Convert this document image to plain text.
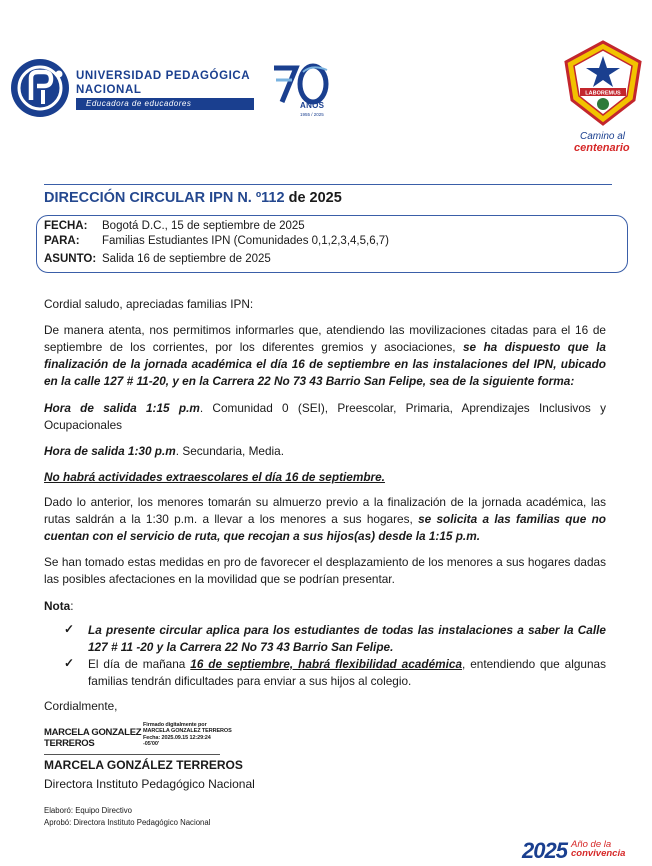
UNIVERSIDAD PEDAGÓGICA
NACIONAL
Educadora de educadores	AÑOS
1955 / 2025
LABOREMUS
Camino al
centenario
DIRECCIÓN CIRCULAR IPN N. º112 de 2025
FECHA: Bogotá D.C., 15 de septiembre de 2025
PARA: Familias Estudiantes IPN (Comunidades 0,1,2,3,4,5,6,7)
ASUNTO: Salida 16 de septiembre de 2025
Cordial saludo, apreciadas familias IPN:
De manera atenta, nos permitimos informarles que, atendiendo las movilizaciones citadas para el 16 de septiembre de los corrientes, por los diferentes gremios y asociaciones, se ha dispuesto que la finalización de la jornada académica el día 16 de septiembre en las instalaciones del IPN, ubicado en la calle 127 # 11-20, y en la Carrera 22 No 73 43 Barrio San Felipe, sea de la siguiente forma:
Hora de salida 1:15 p.m. Comunidad 0 (SEI), Preescolar, Primaria, Aprendizajes Inclusivos y Ocupacionales
Hora de salida 1:30 p.m. Secundaria, Media.
No habrá actividades extraescolares el día 16 de septiembre.
Dado lo anterior, los menores tomarán su almuerzo previo a la finalización de la jornada académica, las rutas saldrán a la 1:30 p.m. a llevar a los menores a sus hogares, se solicita a las familias que no cuentan con el servicio de ruta, que recojan a sus hijos(as) desde la 1:15 p.m.
Se han tomado estas medidas en pro de favorecer el desplazamiento de los menores a sus hogares dadas las posibles afectaciones en la movilidad que se podrían presentar.
Nota:
✓ La presente circular aplica para los estudiantes de todas las instalaciones a saber la Calle 127 # 11 -20 y la Carrera 22 No 73 43 Barrio San Felipe.
✓ El día de mañana 16 de septiembre, habrá flexibilidad académica, entendiendo que algunas familias tendrán dificultades para enviar a sus hijos al colegio.
Cordialmente,
MARCELA GONZALEZ
TERREROS
Firmado digitalmente por
MARCELA GONZALEZ TERREROS
Fecha: 2025.09.15 12:29:24
-05'00'
MARCELA GONZÁLEZ TERREROS
Directora Instituto Pedagógico Nacional
Elaboró: Equipo Directivo
Aprobó: Directora Instituto Pedagógico Nacional
2025 Año de la
convivencia
